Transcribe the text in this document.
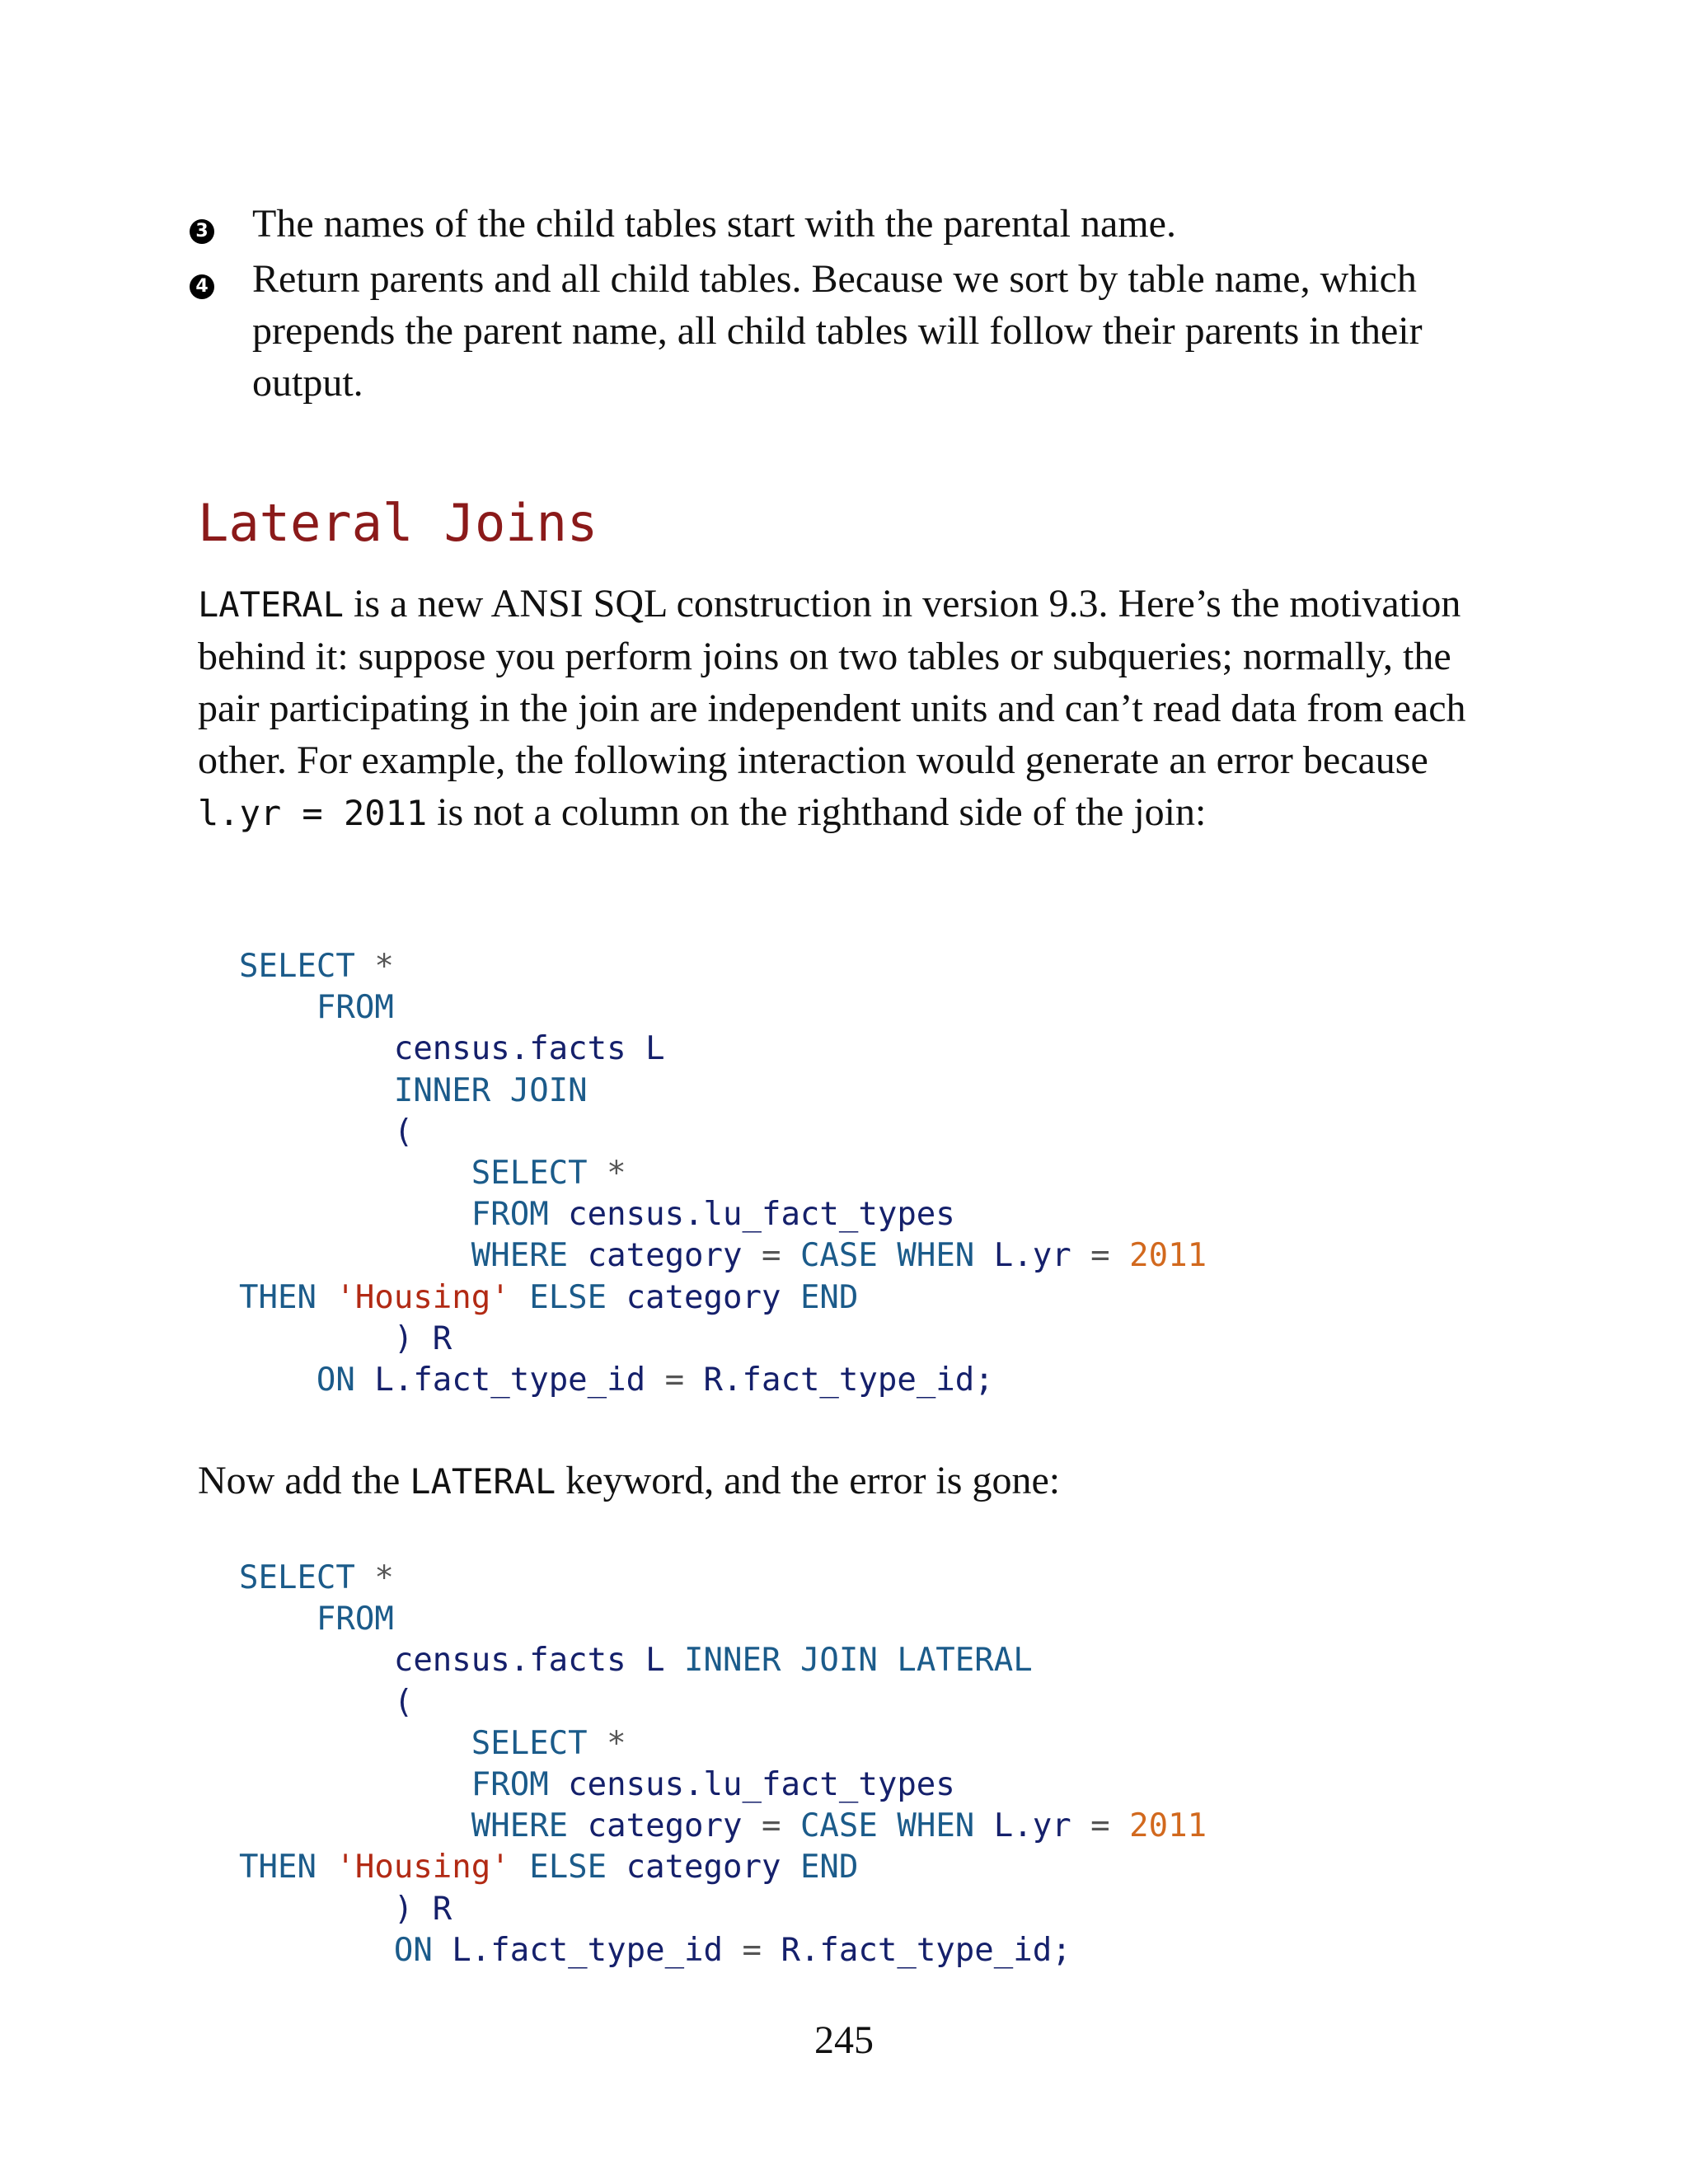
3 The names of the child tables start with the parental name.
4 Return parents and all child tables. Because we sort by table name, which prepends the parent name, all child tables will follow their parents in their output.
Lateral Joins

LATERAL is a new ANSI SQL construction in version 9.3. Here’s the motivation behind it: suppose you perform joins on two tables or subqueries; normally, the pair participating in the join are independent units and can’t read data from each other. For example, the following interaction would generate an error because l.yr = 2011 is not a column on the righthand side of the join:

SELECT *
FROM
census.facts L
INNER JOIN
(
SELECT *
FROM census.lu_fact_types
WHERE category = CASE WHEN L.yr = 2011
THEN 'Housing' ELSE category END
) R
ON L.fact_type_id = R.fact_type_id;

Now add the LATERAL keyword, and the error is gone:

SELECT *
FROM
census.facts L INNER JOIN LATERAL
(
SELECT *
FROM census.lu_fact_types
WHERE category = CASE WHEN L.yr = 2011
THEN 'Housing' ELSE category END
) R
ON L.fact_type_id = R.fact_type_id;

245
